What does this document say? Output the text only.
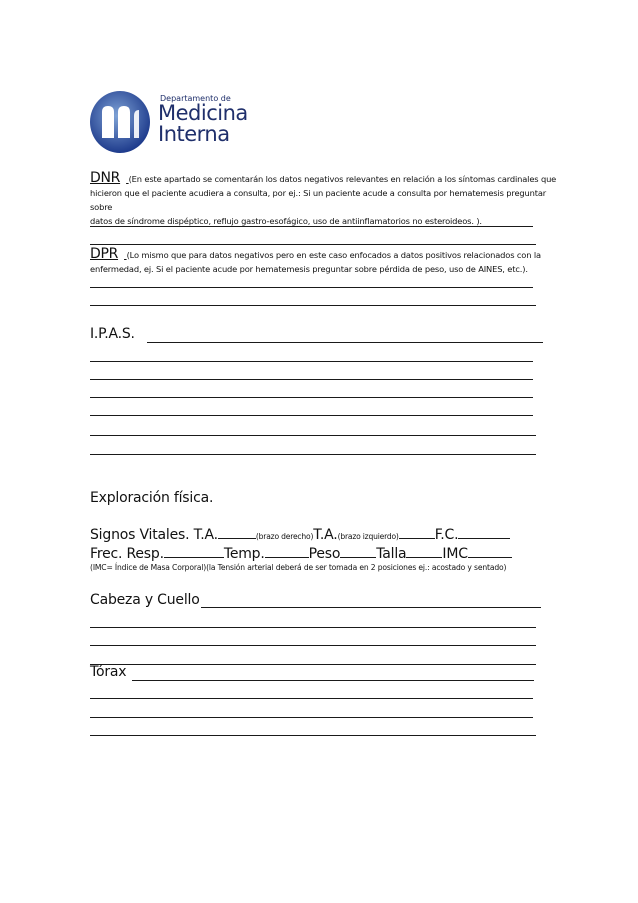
Departamento de
Medicina
Interna
DNR (En este apartado se comentarán los datos negativos relevantes en relación a los síntomas cardinales que
hicieron que el paciente acudiera a consulta, por ej.: Si un paciente acude a consulta por hematemesis preguntar sobre
datos de síndrome dispéptico, reflujo gastro-esofágico, uso de antiinflamatorios no esteroideos. ).
DPR (Lo mismo que para datos negativos pero en este caso enfocados a datos positivos relacionados con la
enfermedad, ej. Si el paciente acude por hematemesis preguntar sobre pérdida de peso, uso de AINES, etc.).
I.P.A.S.
Exploración física.
Signos Vitales. T.A.	(brazo derecho)T.A.(brazo izquierdo)	F.C.
Frec. Resp.	Temp.	Peso	Talla	IMC
(IMC= Índice de Masa Corporal)(la Tensión arterial deberá de ser tomada en 2 posiciones ej.: acostado y sentado)
Cabeza y Cuello
Tórax
